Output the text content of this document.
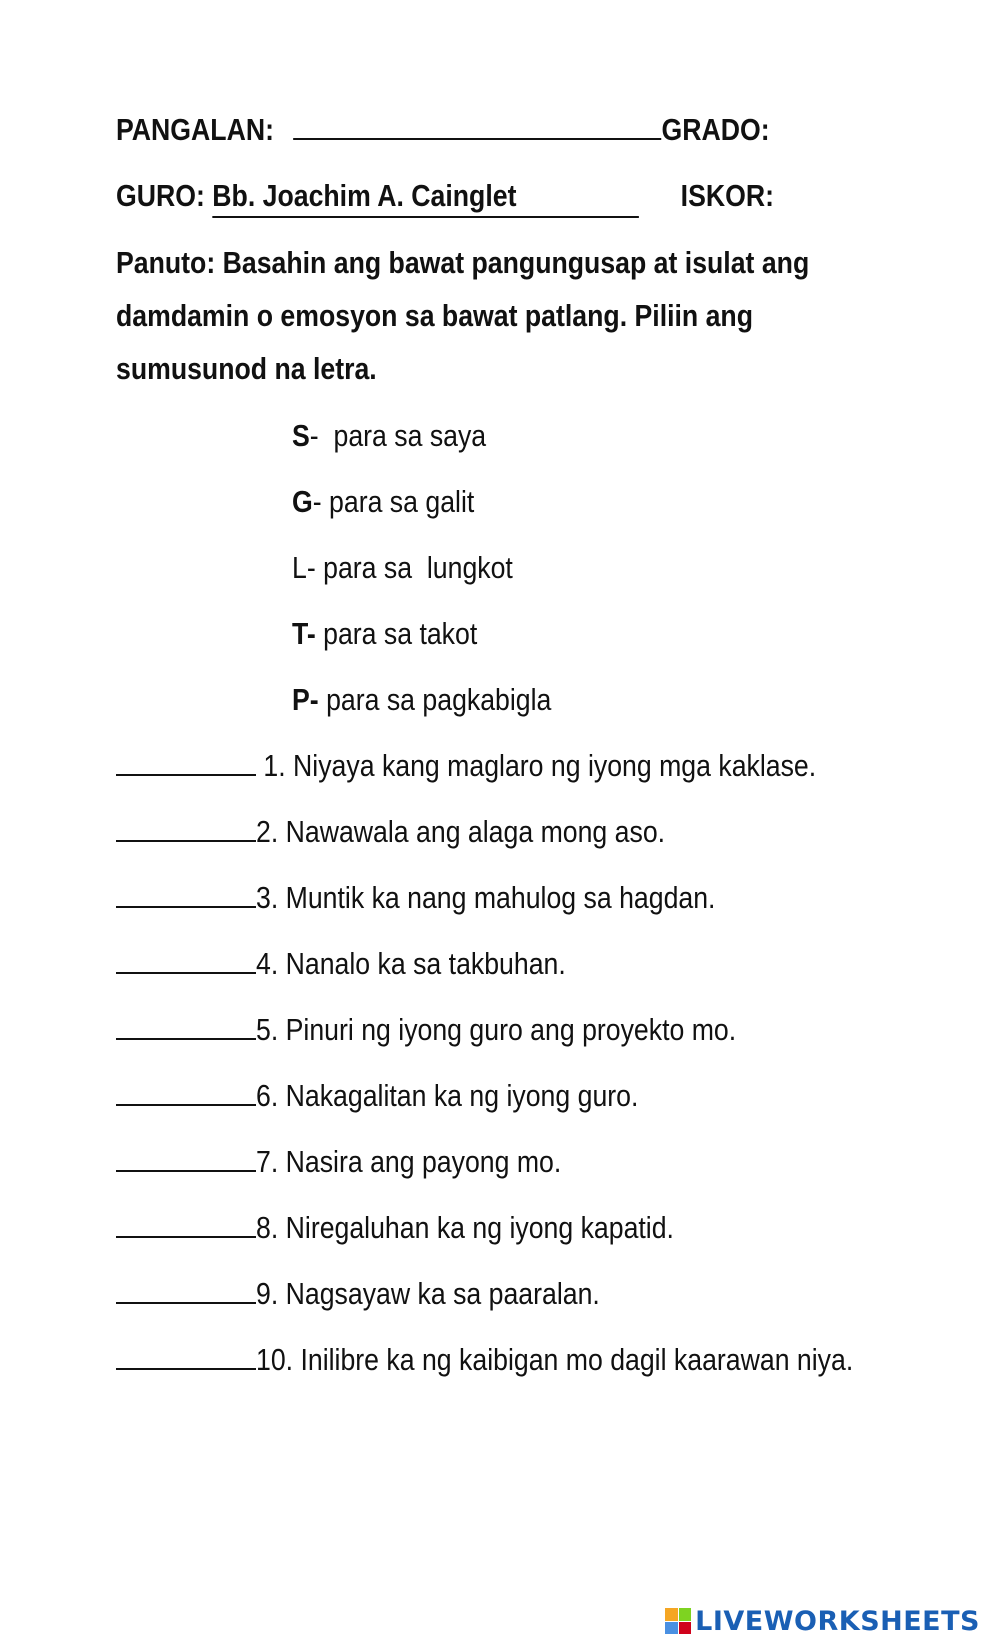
PANGALAN:	GRADO:
GURO: Bb. Joachim A. Cainglet	ISKOR:
Panuto: Basahin ang bawat pangungusap at isulat ang
damdamin o emosyon sa bawat patlang. Piliin ang
sumusunod na letra.
S-  para sa saya
G- para sa galit
L- para sa  lungkot
T- para sa takot
P- para sa pagkabigla
1. Niyaya kang maglaro ng iyong mga kaklase.
2. Nawawala ang alaga mong aso.
3. Muntik ka nang mahulog sa hagdan.
4. Nanalo ka sa takbuhan.
5. Pinuri ng iyong guro ang proyekto mo.
6. Nakagalitan ka ng iyong guro.
7. Nasira ang payong mo.
8. Niregaluhan ka ng iyong kapatid.
9. Nagsayaw ka sa paaralan.
10. Inilibre ka ng kaibigan mo dagil kaarawan niya.
LIVEWORKSHEETS
